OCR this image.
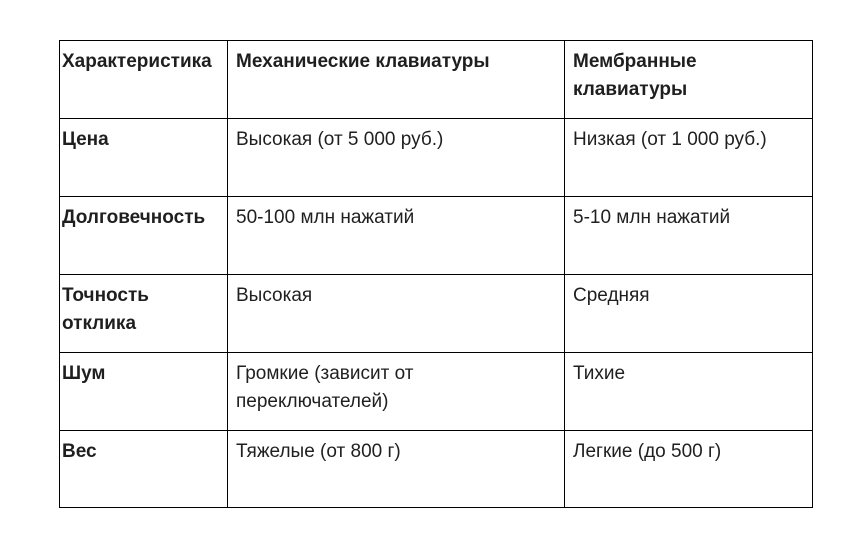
Характеристика	Механические клавиатуры	Мембранные клавиатуры
Цена	Высокая (от 5 000 руб.)	Низкая (от 1 000 руб.)
Долговечность	50-100 млн нажатий	5-10 млн нажатий
Точность отклика	Высокая	Средняя
Шум	Громкие (зависит от переключателей)	Тихие
Вес	Тяжелые (от 800 г)	Легкие (до 500 г)
